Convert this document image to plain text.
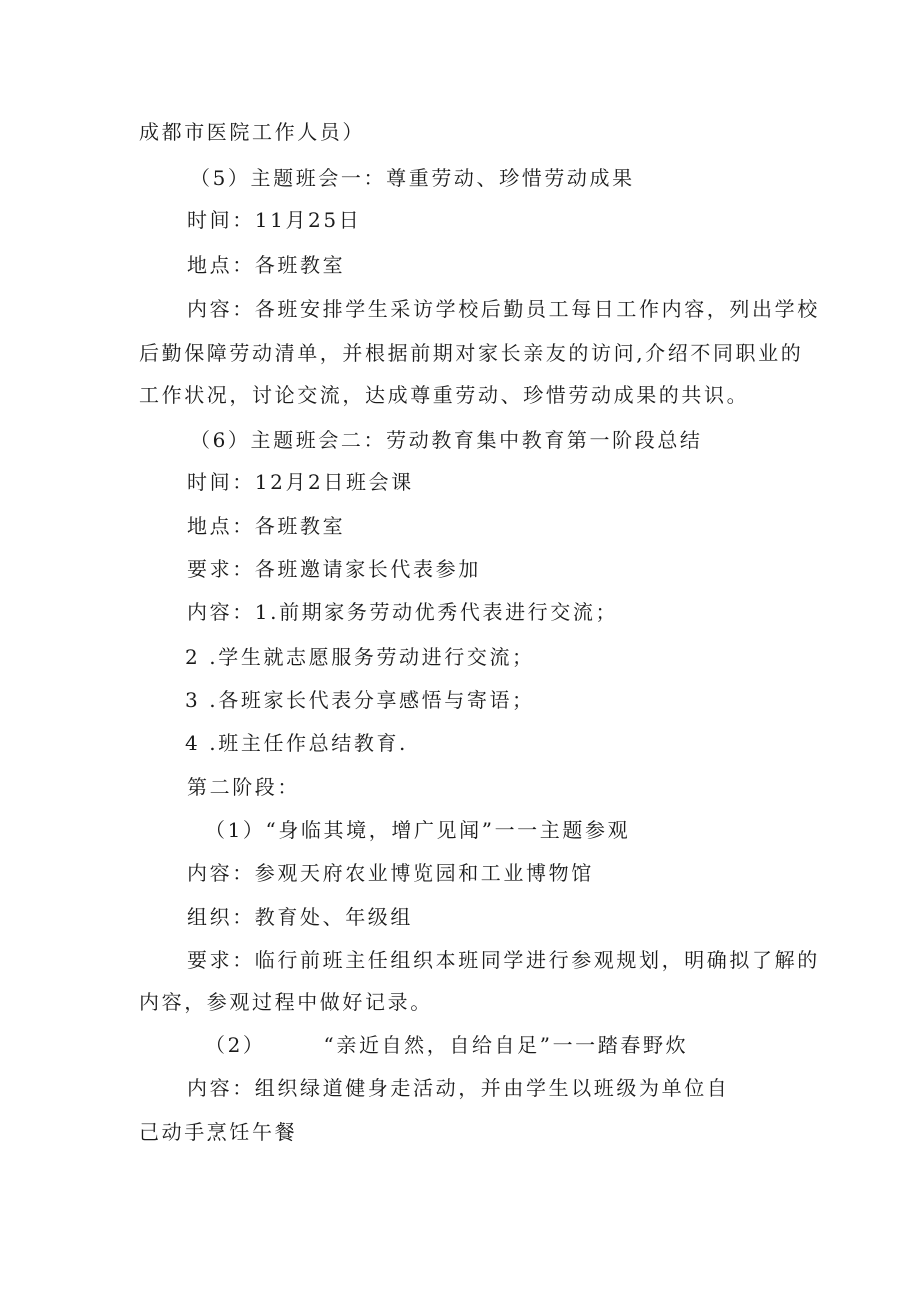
成都市医院工作人员）
（5）主题班会一：尊重劳动、珍惜劳动成果
时间：11月25日
地点：各班教室
内容：各班安排学生采访学校后勤员工每日工作内容，列出学校
后勤保障劳动清单，并根据前期对家长亲友的访问,介绍不同职业的
工作状况，讨论交流，达成尊重劳动、珍惜劳动成果的共识。
（6）主题班会二：劳动教育集中教育第一阶段总结
时间：12月2日班会课
地点：各班教室
要求：各班邀请家长代表参加
内容：1.前期家务劳动优秀代表进行交流；
2 .学生就志愿服务劳动进行交流；
3 .各班家长代表分享感悟与寄语；
4 .班主任作总结教育.
第二阶段：
（1）“身临其境，增广见闻”一一主题参观
内容：参观天府农业博览园和工业博物馆
组织：教育处、年级组
要求：临行前班主任组织本班同学进行参观规划，明确拟了解的
内容，参观过程中做好记录。
（2）	“亲近自然，自给自足”一一踏春野炊
内容：组织绿道健身走活动，并由学生以班级为单位自
己动手烹饪午餐
